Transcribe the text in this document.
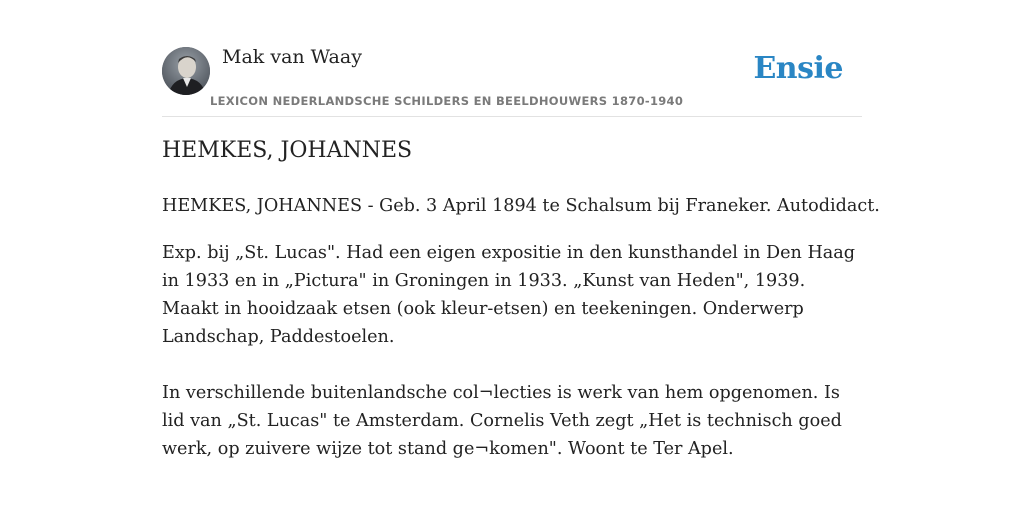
Mak van Waay
LEXICON NEDERLANDSCHE SCHILDERS EN BEELDHOUWERS 1870-1940
Ensie
HEMKES, JOHANNES

HEMKES, JOHANNES - Geb. 3 April 1894 te Schalsum bij Franeker. Autodidact.

Exp. bij „St. Lucas". Had een eigen expositie in den kunsthandel in Den Haag in 1933 en in „Pictura" in Groningen in 1933. „Kunst van Heden", 1939. Maakt in hooidzaak etsen (ook kleur-etsen) en teekeningen. Onderwerp Landschap, Paddestoelen.

In verschillende buitenlandsche col¬lecties is werk van hem opgenomen. Is lid van „St. Lucas" te Amsterdam. Cornelis Veth zegt „Het is technisch goed werk, op zuivere wijze tot stand ge¬komen". Woont te Ter Apel.
